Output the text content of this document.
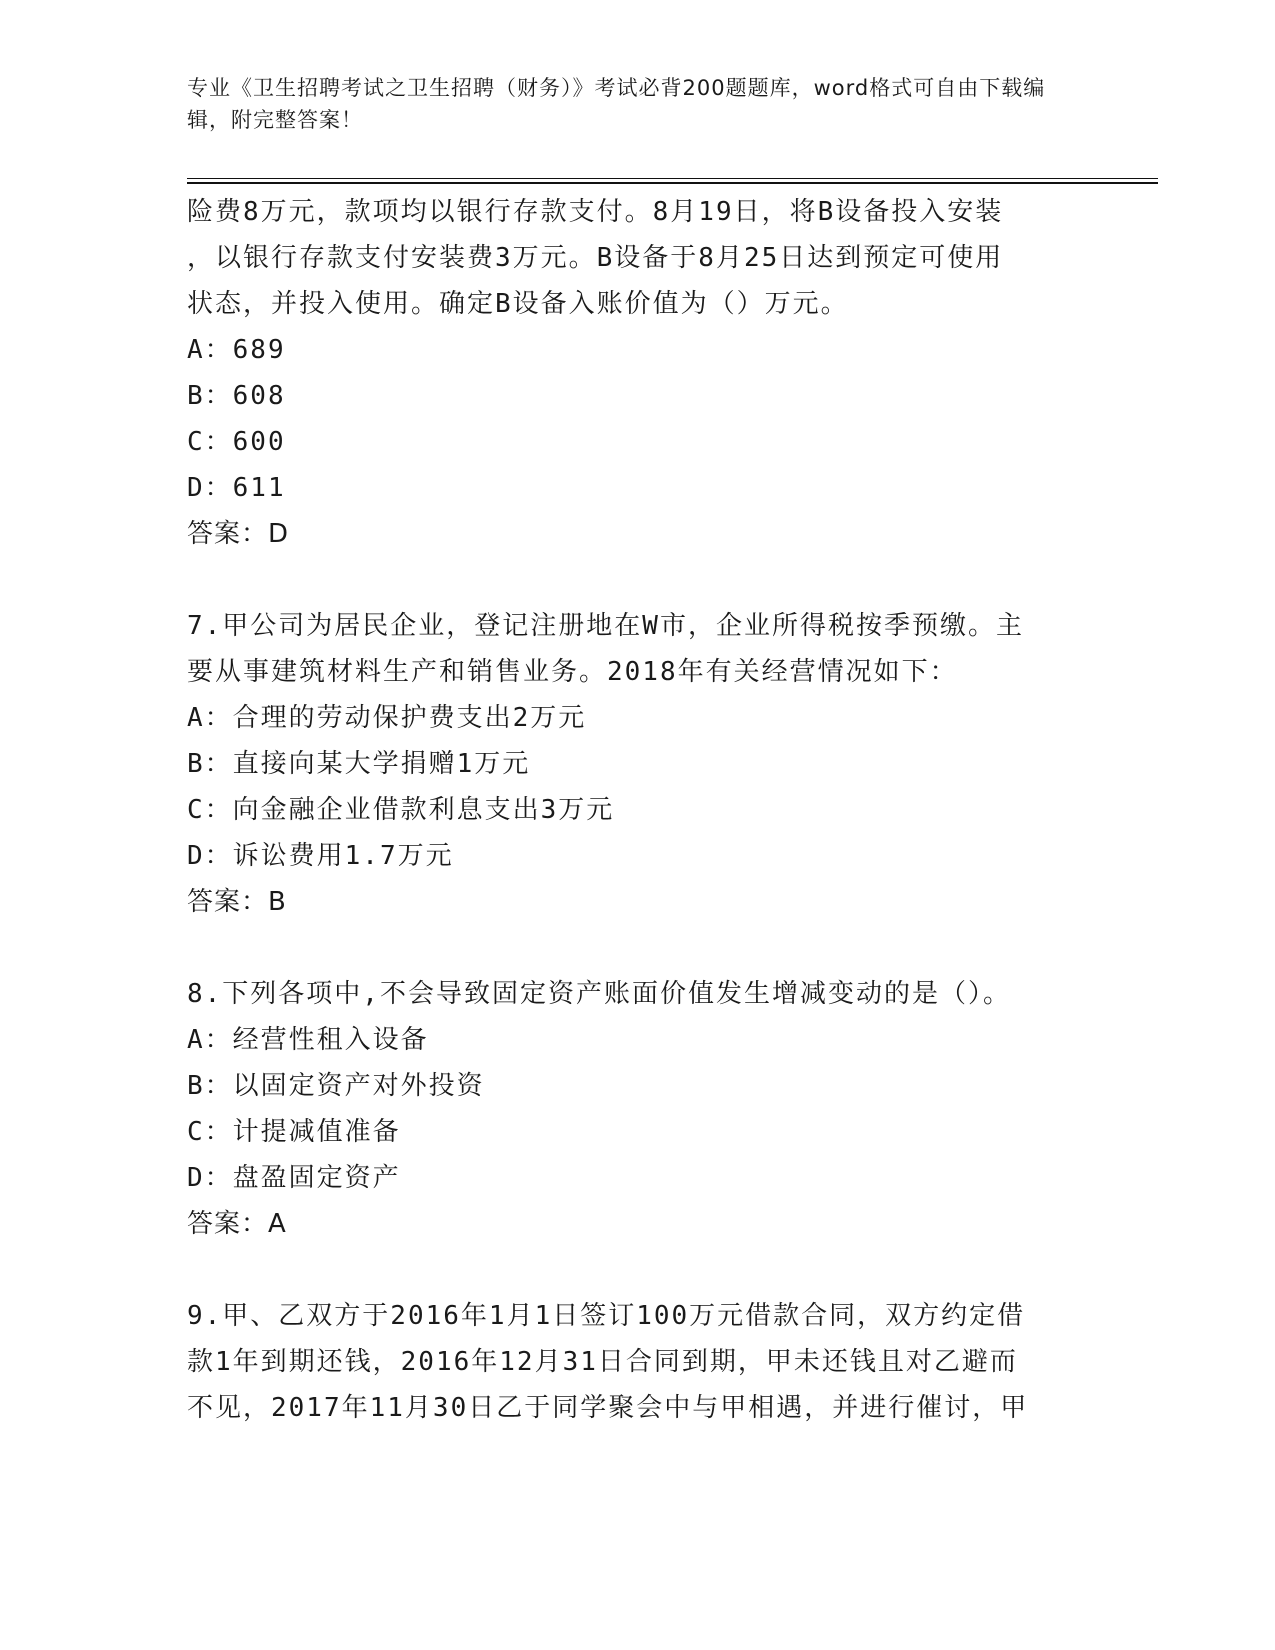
专业《卫生招聘考试之卫生招聘（财务）》考试必背200题题库，word格式可自由下载编辑，附完整答案！
险费8万元，款项均以银行存款支付。8月19日，将B设备投入安装
，以银行存款支付安装费3万元。B设备于8月25日达到预定可使用
状态，并投入使用。确定B设备入账价值为（）万元。
A：689
B：608
C：600
D：611
答案：D
7.甲公司为居民企业，登记注册地在W市，企业所得税按季预缴。主
要从事建筑材料生产和销售业务。2018年有关经营情况如下：
A：合理的劳动保护费支出2万元
B：直接向某大学捐赠1万元
C：向金融企业借款利息支出3万元
D：诉讼费用1.7万元
答案：B
8.下列各项中,不会导致固定资产账面价值发生增减变动的是（）。
A：经营性租入设备
B：以固定资产对外投资
C：计提减值准备
D：盘盈固定资产
答案：A
9.甲、乙双方于2016年1月1日签订100万元借款合同，双方约定借
款1年到期还钱，2016年12月31日合同到期，甲未还钱且对乙避而
不见，2017年11月30日乙于同学聚会中与甲相遇，并进行催讨，甲
